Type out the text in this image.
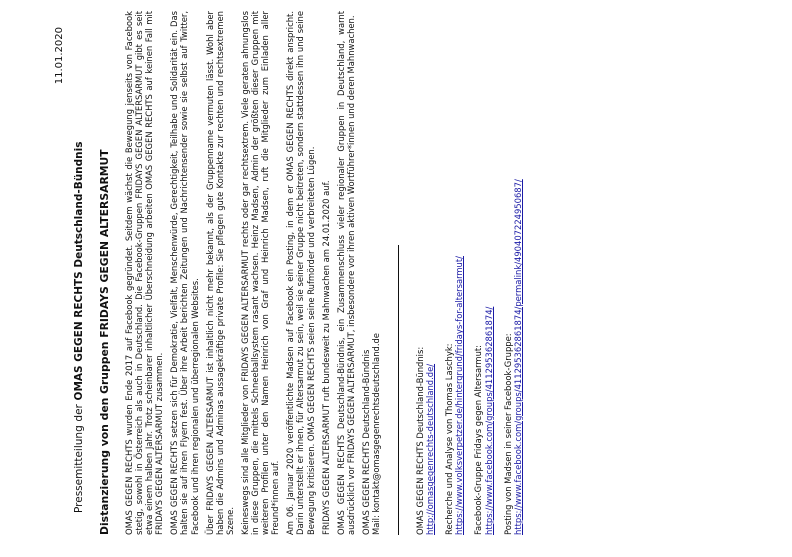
11.01.2020
Pressemitteilung der OMAS GEGEN RECHTS Deutschland-Bündnis Distanzierung von den Gruppen FRIDAYS GEGEN ALTERSARMUT OMAS GEGEN RECHTS wurden Ende 2017 auf Facebook gegründet. Seitdem wächst die Bewegung jenseits von Facebook stetig, sowohl in Österreich als auch in Deutschland. Die Facebook-Gruppen FRIDAYS GEGEN ALTERSARMUT gibt es seit etwa einem halben Jahr. Trotz scheinbarer inhaltlicher Überschneidung arbeiten OMAS GEGEN RECHTS auf keinen Fall mit FRIDAYS GEGEN ALTERSARMUT zusammen. OMAS GEGEN RECHTS setzen sich für Demokratie, Vielfalt, Menschenwürde, Gerechtigkeit, Teilhabe und Solidarität ein. Das halten sie auf ihren Flyern fest. Über ihre Arbeit berichten Zeitungen und Nachrichtensender sowie sie selbst auf Twitter, Facebook und ihren regionalen und überregionalen Websites. Über FRIDAYS GEGEN ALTERSARMUT ist inhaltlich nicht mehr bekannt, als der Gruppenname vermuten lässt. Wohl aber haben die Admins und Adminas aussagekräftige private Profile: Sie pflegen gute Kontakte zur rechten und rechtsextremen Szene. Keineswegs sind alle Mitglieder von FRIDAYS GEGEN ALTERSARMUT rechts oder gar rechtsextrem. Viele geraten ahnungslos in diese Gruppen, die mittels Schneeballsystem rasant wachsen. Heinz Madsen, Admin der größten dieser Gruppen mit weiteren Profilen unter den Namen Heinrich von Graf und Heinrich Madsen, ruft die Mitglieder zum Einladen aller Freund*innen auf. Am 06. Januar 2020 veröffentlichte Madsen auf Facebook ein Posting, in dem er OMAS GEGEN RECHTS direkt anspricht. Darin unterstellt er ihnen, für Altersarmut zu sein, weil sie seiner Gruppe nicht beitreten, sondern stattdessen ihn und seine Bewegung kritisieren. OMAS GEGEN RECHTS seien seine Rufmörder und verbreiteten Lügen. FRIDAYS GEGEN ALTERSARMUT ruft bundesweit zu Mahnwachen am 24.01.2020 auf. OMAS GEGEN RECHTS Deutschland-Bündnis, ein Zusammenschluss vieler regionaler Gruppen in Deutschland, warnt ausdrücklich vor FRIDAYS GEGEN ALTERSARMUT, insbesondere vor ihren aktiven Wortführer*innen und deren Mahnwachen. OMAS GEGEN RECHTS Deutschland-Bündnis Mail: kontakt@omasgegenrechtsdeutschland.de	OMAS GEGEN RECHTS Deutschland-Bündnis: http://omasgegenrechts-deutschland.de/ Recherche und Analyse von Thomas Laschyk: https://www.volksverpetzer.de/hintergrund/fridays-for-altersarmut/ Facebook-Gruppe Fridays gegen Altersarmut: https://www.facebook.com/groups/411295362861874/ Posting von Madsen in seiner Facebook-Gruppe: https://www.facebook.com/groups/411295362861874/permalink/490407224950687/
